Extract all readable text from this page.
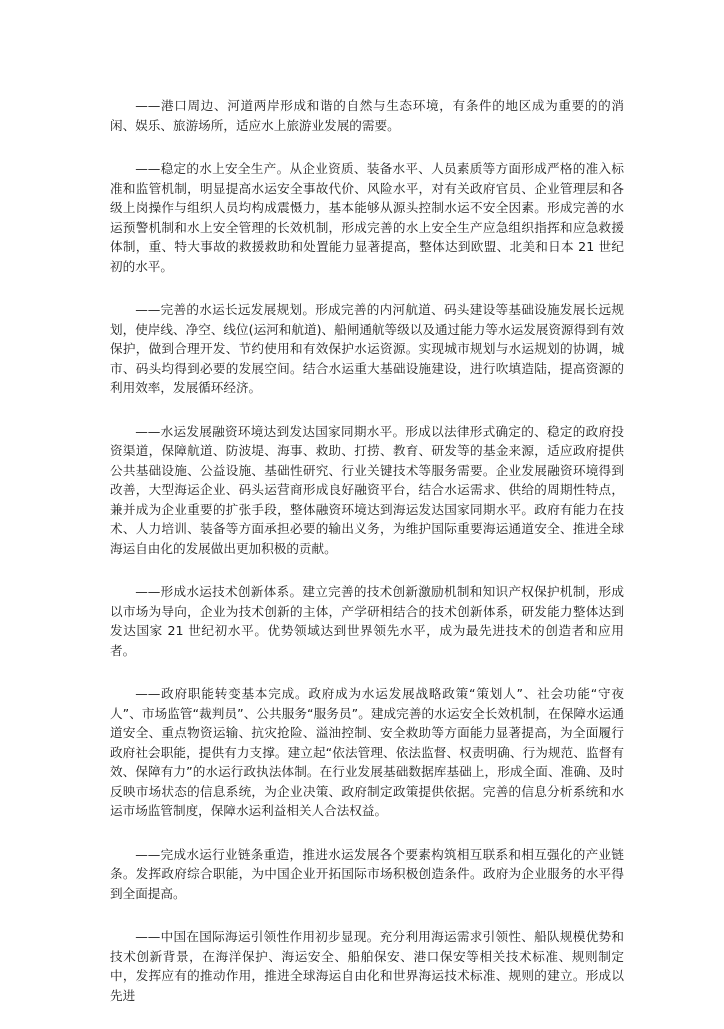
——港口周边、河道两岸形成和谐的自然与生态环境，有条件的地区成为重要的的消闲、娱乐、旅游场所，适应水上旅游业发展的需要。

——稳定的水上安全生产。从企业资质、装备水平、人员素质等方面形成严格的准入标准和监管机制，明显提高水运安全事故代价、风险水平，对有关政府官员、企业管理层和各级上岗操作与组织人员均构成震慑力，基本能够从源头控制水运不安全因素。形成完善的水运预警机制和水上安全管理的长效机制，形成完善的水上安全生产应急组织指挥和应急救援体制，重、特大事故的救援救助和处置能力显著提高，整体达到欧盟、北美和日本 21 世纪初的水平。

——完善的水运长远发展规划。形成完善的内河航道、码头建设等基础设施发展长远规划，使岸线、净空、线位(运河和航道)、船闸通航等级以及通过能力等水运发展资源得到有效保护，做到合理开发、节约使用和有效保护水运资源。实现城市规划与水运规划的协调，城市、码头均得到必要的发展空间。结合水运重大基础设施建设，进行吹填造陆，提高资源的利用效率，发展循环经济。

——水运发展融资环境达到发达国家同期水平。形成以法律形式确定的、稳定的政府投资渠道，保障航道、防波堤、海事、救助、打捞、教育、研发等的基金来源，适应政府提供公共基础设施、公益设施、基础性研究、行业关键技术等服务需要。企业发展融资环境得到改善，大型海运企业、码头运营商形成良好融资平台，结合水运需求、供给的周期性特点，兼并成为企业重要的扩张手段，整体融资环境达到海运发达国家同期水平。政府有能力在技术、人力培训、装备等方面承担必要的输出义务，为维护国际重要海运通道安全、推进全球海运自由化的发展做出更加积极的贡献。

——形成水运技术创新体系。建立完善的技术创新激励机制和知识产权保护机制，形成以市场为导向，企业为技术创新的主体，产学研相结合的技术创新体系，研发能力整体达到发达国家 21 世纪初水平。优势领域达到世界领先水平，成为最先进技术的创造者和应用者。

——政府职能转变基本完成。政府成为水运发展战略政策“策划人”、社会功能“守夜人”、市场监管“裁判员”、公共服务“服务员”。建成完善的水运安全长效机制，在保障水运通道安全、重点物资运输、抗灾抢险、溢油控制、安全救助等方面能力显著提高，为全面履行政府社会职能，提供有力支撑。建立起“依法管理、依法监督、权责明确、行为规范、监督有效、保障有力”的水运行政执法体制。在行业发展基础数据库基础上，形成全面、准确、及时反映市场状态的信息系统，为企业决策、政府制定政策提供依据。完善的信息分析系统和水运市场监管制度，保障水运利益相关人合法权益。

——完成水运行业链条重造，推进水运发展各个要素构筑相互联系和相互强化的产业链条。发挥政府综合职能，为中国企业开拓国际市场积极创造条件。政府为企业服务的水平得到全面提高。

——中国在国际海运引领性作用初步显现。充分利用海运需求引领性、船队规模优势和技术创新背景，在海洋保护、海运安全、船舶保安、港口保安等相关技术标准、规则制定中，发挥应有的推动作用，推进全球海运自由化和世界海运技术标准、规则的建立。形成以先进
